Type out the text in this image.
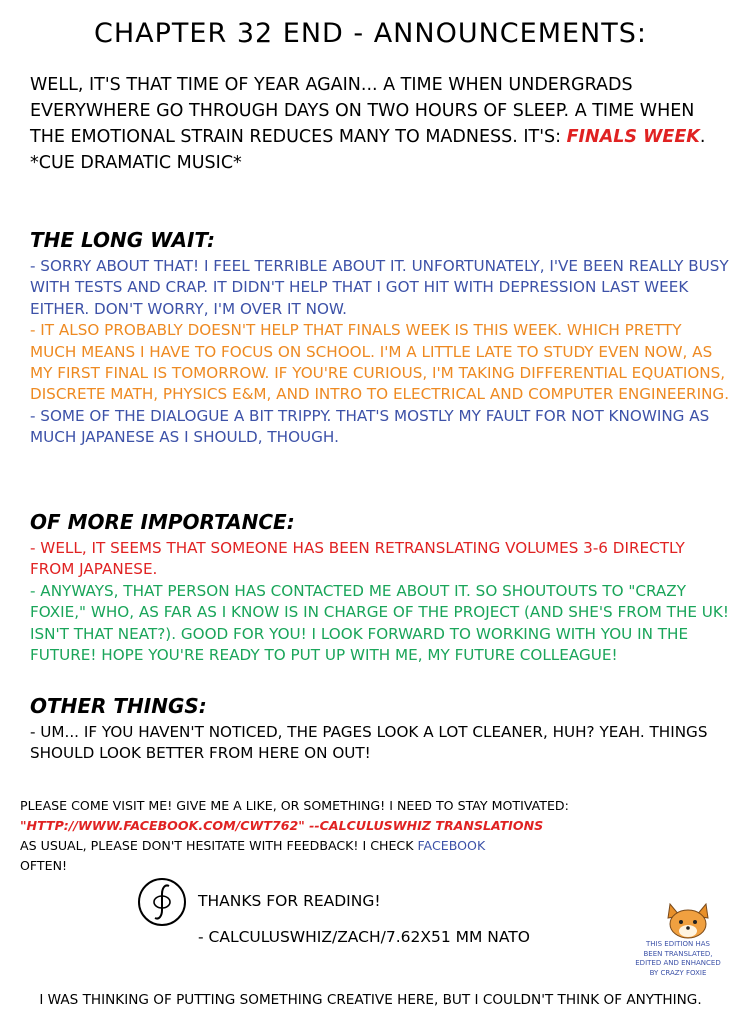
CHAPTER 32 END - ANNOUNCEMENTS:
WELL, IT'S THAT TIME OF YEAR AGAIN... A TIME WHEN UNDERGRADS EVERYWHERE GO THROUGH DAYS ON TWO HOURS OF SLEEP. A TIME WHEN THE EMOTIONAL STRAIN REDUCES MANY TO MADNESS. IT'S: FINALS WEEK. *CUE DRAMATIC MUSIC*
THE LONG WAIT:

- SORRY ABOUT THAT! I FEEL TERRIBLE ABOUT IT. UNFORTUNATELY, I'VE BEEN REALLY BUSY WITH TESTS AND CRAP. IT DIDN'T HELP THAT I GOT HIT WITH DEPRESSION LAST WEEK EITHER. DON'T WORRY, I'M OVER IT NOW.

- IT ALSO PROBABLY DOESN'T HELP THAT FINALS WEEK IS THIS WEEK. WHICH PRETTY MUCH MEANS I HAVE TO FOCUS ON SCHOOL. I'M A LITTLE LATE TO STUDY EVEN NOW, AS MY FIRST FINAL IS TOMORROW. IF YOU'RE CURIOUS, I'M TAKING DIFFERENTIAL EQUATIONS, DISCRETE MATH, PHYSICS E&M, AND INTRO TO ELECTRICAL AND COMPUTER ENGINEERING.

- SOME OF THE DIALOGUE A BIT TRIPPY. THAT'S MOSTLY MY FAULT FOR NOT KNOWING AS MUCH JAPANESE AS I SHOULD, THOUGH.

OF MORE IMPORTANCE:

- WELL, IT SEEMS THAT SOMEONE HAS BEEN RETRANSLATING VOLUMES 3-6 DIRECTLY FROM JAPANESE.

- ANYWAYS, THAT PERSON HAS CONTACTED ME ABOUT IT. SO SHOUTOUTS TO "CRAZY FOXIE," WHO, AS FAR AS I KNOW IS IN CHARGE OF THE PROJECT (AND SHE'S FROM THE UK! ISN'T THAT NEAT?). GOOD FOR YOU! I LOOK FORWARD TO WORKING WITH YOU IN THE FUTURE! HOPE YOU'RE READY TO PUT UP WITH ME, MY FUTURE COLLEAGUE!

OTHER THINGS:

- UM... IF YOU HAVEN'T NOTICED, THE PAGES LOOK A LOT CLEANER, HUH? YEAH. THINGS SHOULD LOOK BETTER FROM HERE ON OUT!

PLEASE COME VISIT ME! GIVE ME A LIKE, OR SOMETHING! I NEED TO STAY MOTIVATED:
"HTTP://WWW.FACEBOOK.COM/CWT762" --CALCULUSWHIZ TRANSLATIONS
AS USUAL, PLEASE DON'T HESITATE WITH FEEDBACK! I CHECK FACEBOOK
OFTEN!
THANKS FOR READING!
- CALCULUSWHIZ/ZACH/7.62X51 MM NATO	THIS EDITION HAS
BEEN TRANSLATED,
EDITED AND ENHANCED
BY CRAZY FOXIE
I WAS THINKING OF PUTTING SOMETHING CREATIVE HERE, BUT I COULDN'T THINK OF ANYTHING.
